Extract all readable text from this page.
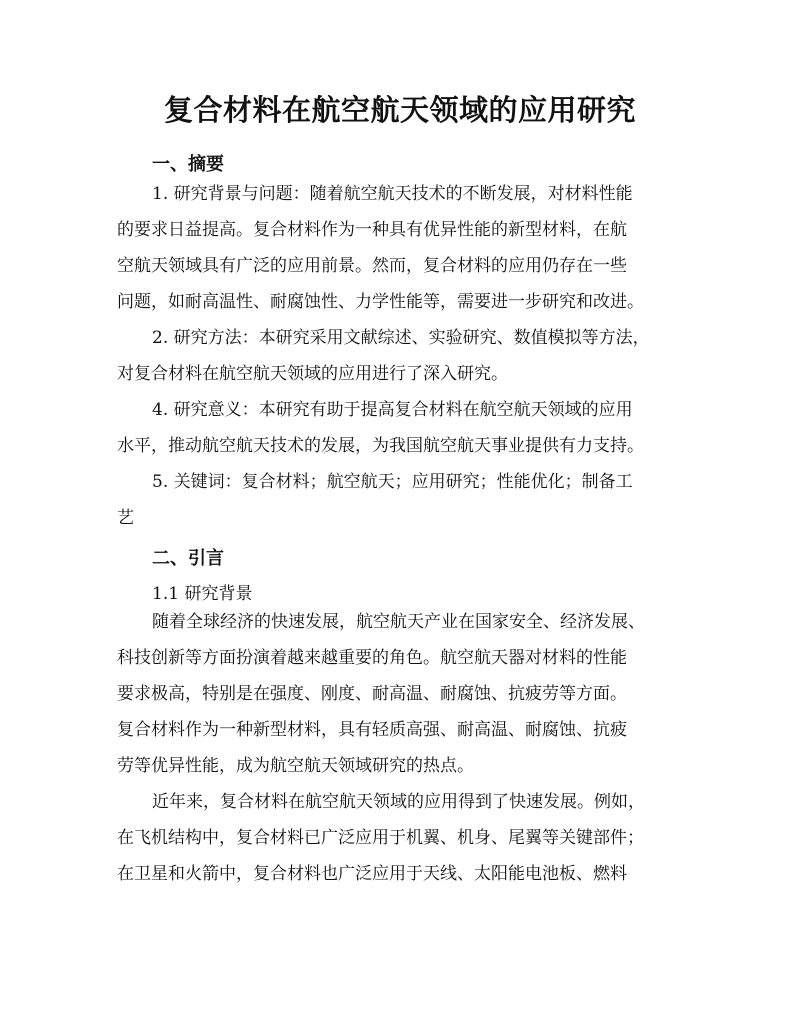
复合材料在航空航天领域的应用研究
一、摘要
1. 研究背景与问题：随着航空航天技术的不断发展，对材料性能
的要求日益提高。复合材料作为一种具有优异性能的新型材料，在航
空航天领域具有广泛的应用前景。然而，复合材料的应用仍存在一些
问题，如耐高温性、耐腐蚀性、力学性能等，需要进一步研究和改进。
2. 研究方法：本研究采用文献综述、实验研究、数值模拟等方法，
对复合材料在航空航天领域的应用进行了深入研究。
4. 研究意义：本研究有助于提高复合材料在航空航天领域的应用
水平，推动航空航天技术的发展，为我国航空航天事业提供有力支持。
5. 关键词：复合材料；航空航天；应用研究；性能优化；制备工
艺
二、引言
1.1 研究背景
随着全球经济的快速发展，航空航天产业在国家安全、经济发展、
科技创新等方面扮演着越来越重要的角色。航空航天器对材料的性能
要求极高，特别是在强度、刚度、耐高温、耐腐蚀、抗疲劳等方面。
复合材料作为一种新型材料，具有轻质高强、耐高温、耐腐蚀、抗疲
劳等优异性能，成为航空航天领域研究的热点。
近年来，复合材料在航空航天领域的应用得到了快速发展。例如，
在飞机结构中，复合材料已广泛应用于机翼、机身、尾翼等关键部件；
在卫星和火箭中，复合材料也广泛应用于天线、太阳能电池板、燃料
